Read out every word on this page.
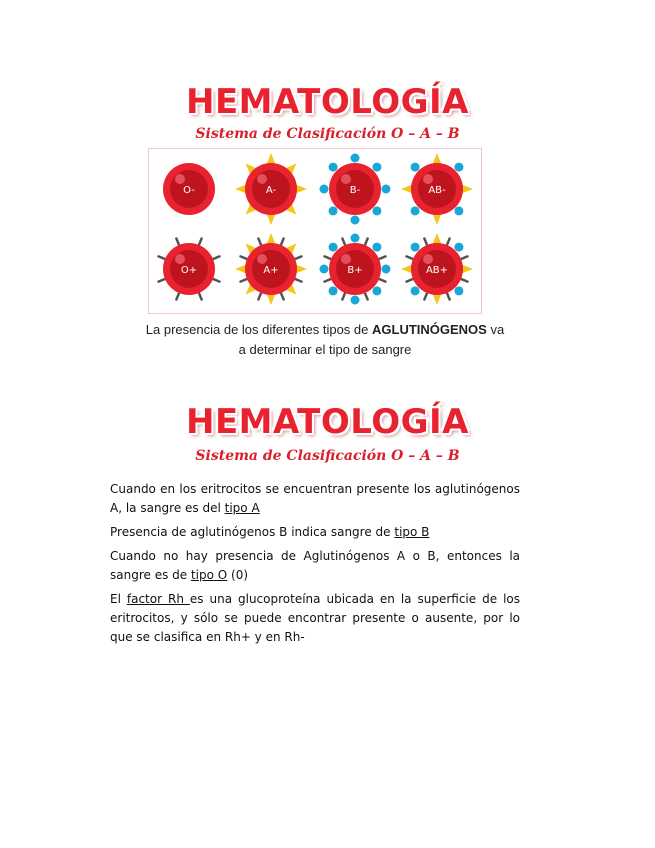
HEMATOLOGÍA
Sistema de Clasificación O – A – B
O-	A-	B-	AB-
O+	A+	B+	AB+
La presencia de los diferentes tipos de AGLUTINÓGENOS va
a determinar el tipo de sangre
HEMATOLOGÍA
Sistema de Clasificación O – A – B

Cuando en los eritrocitos se encuentran presente los aglutinógenos A, la sangre es del tipo A

Presencia de aglutinógenos B indica sangre de tipo B

Cuando no hay presencia de Aglutinógenos A o B, entonces la sangre es de tipo O (0)

El factor Rh es una glucoproteína ubicada en la superficie de los eritrocitos, y sólo se puede encontrar presente o ausente, por lo que se clasifica en Rh+ y en Rh-
